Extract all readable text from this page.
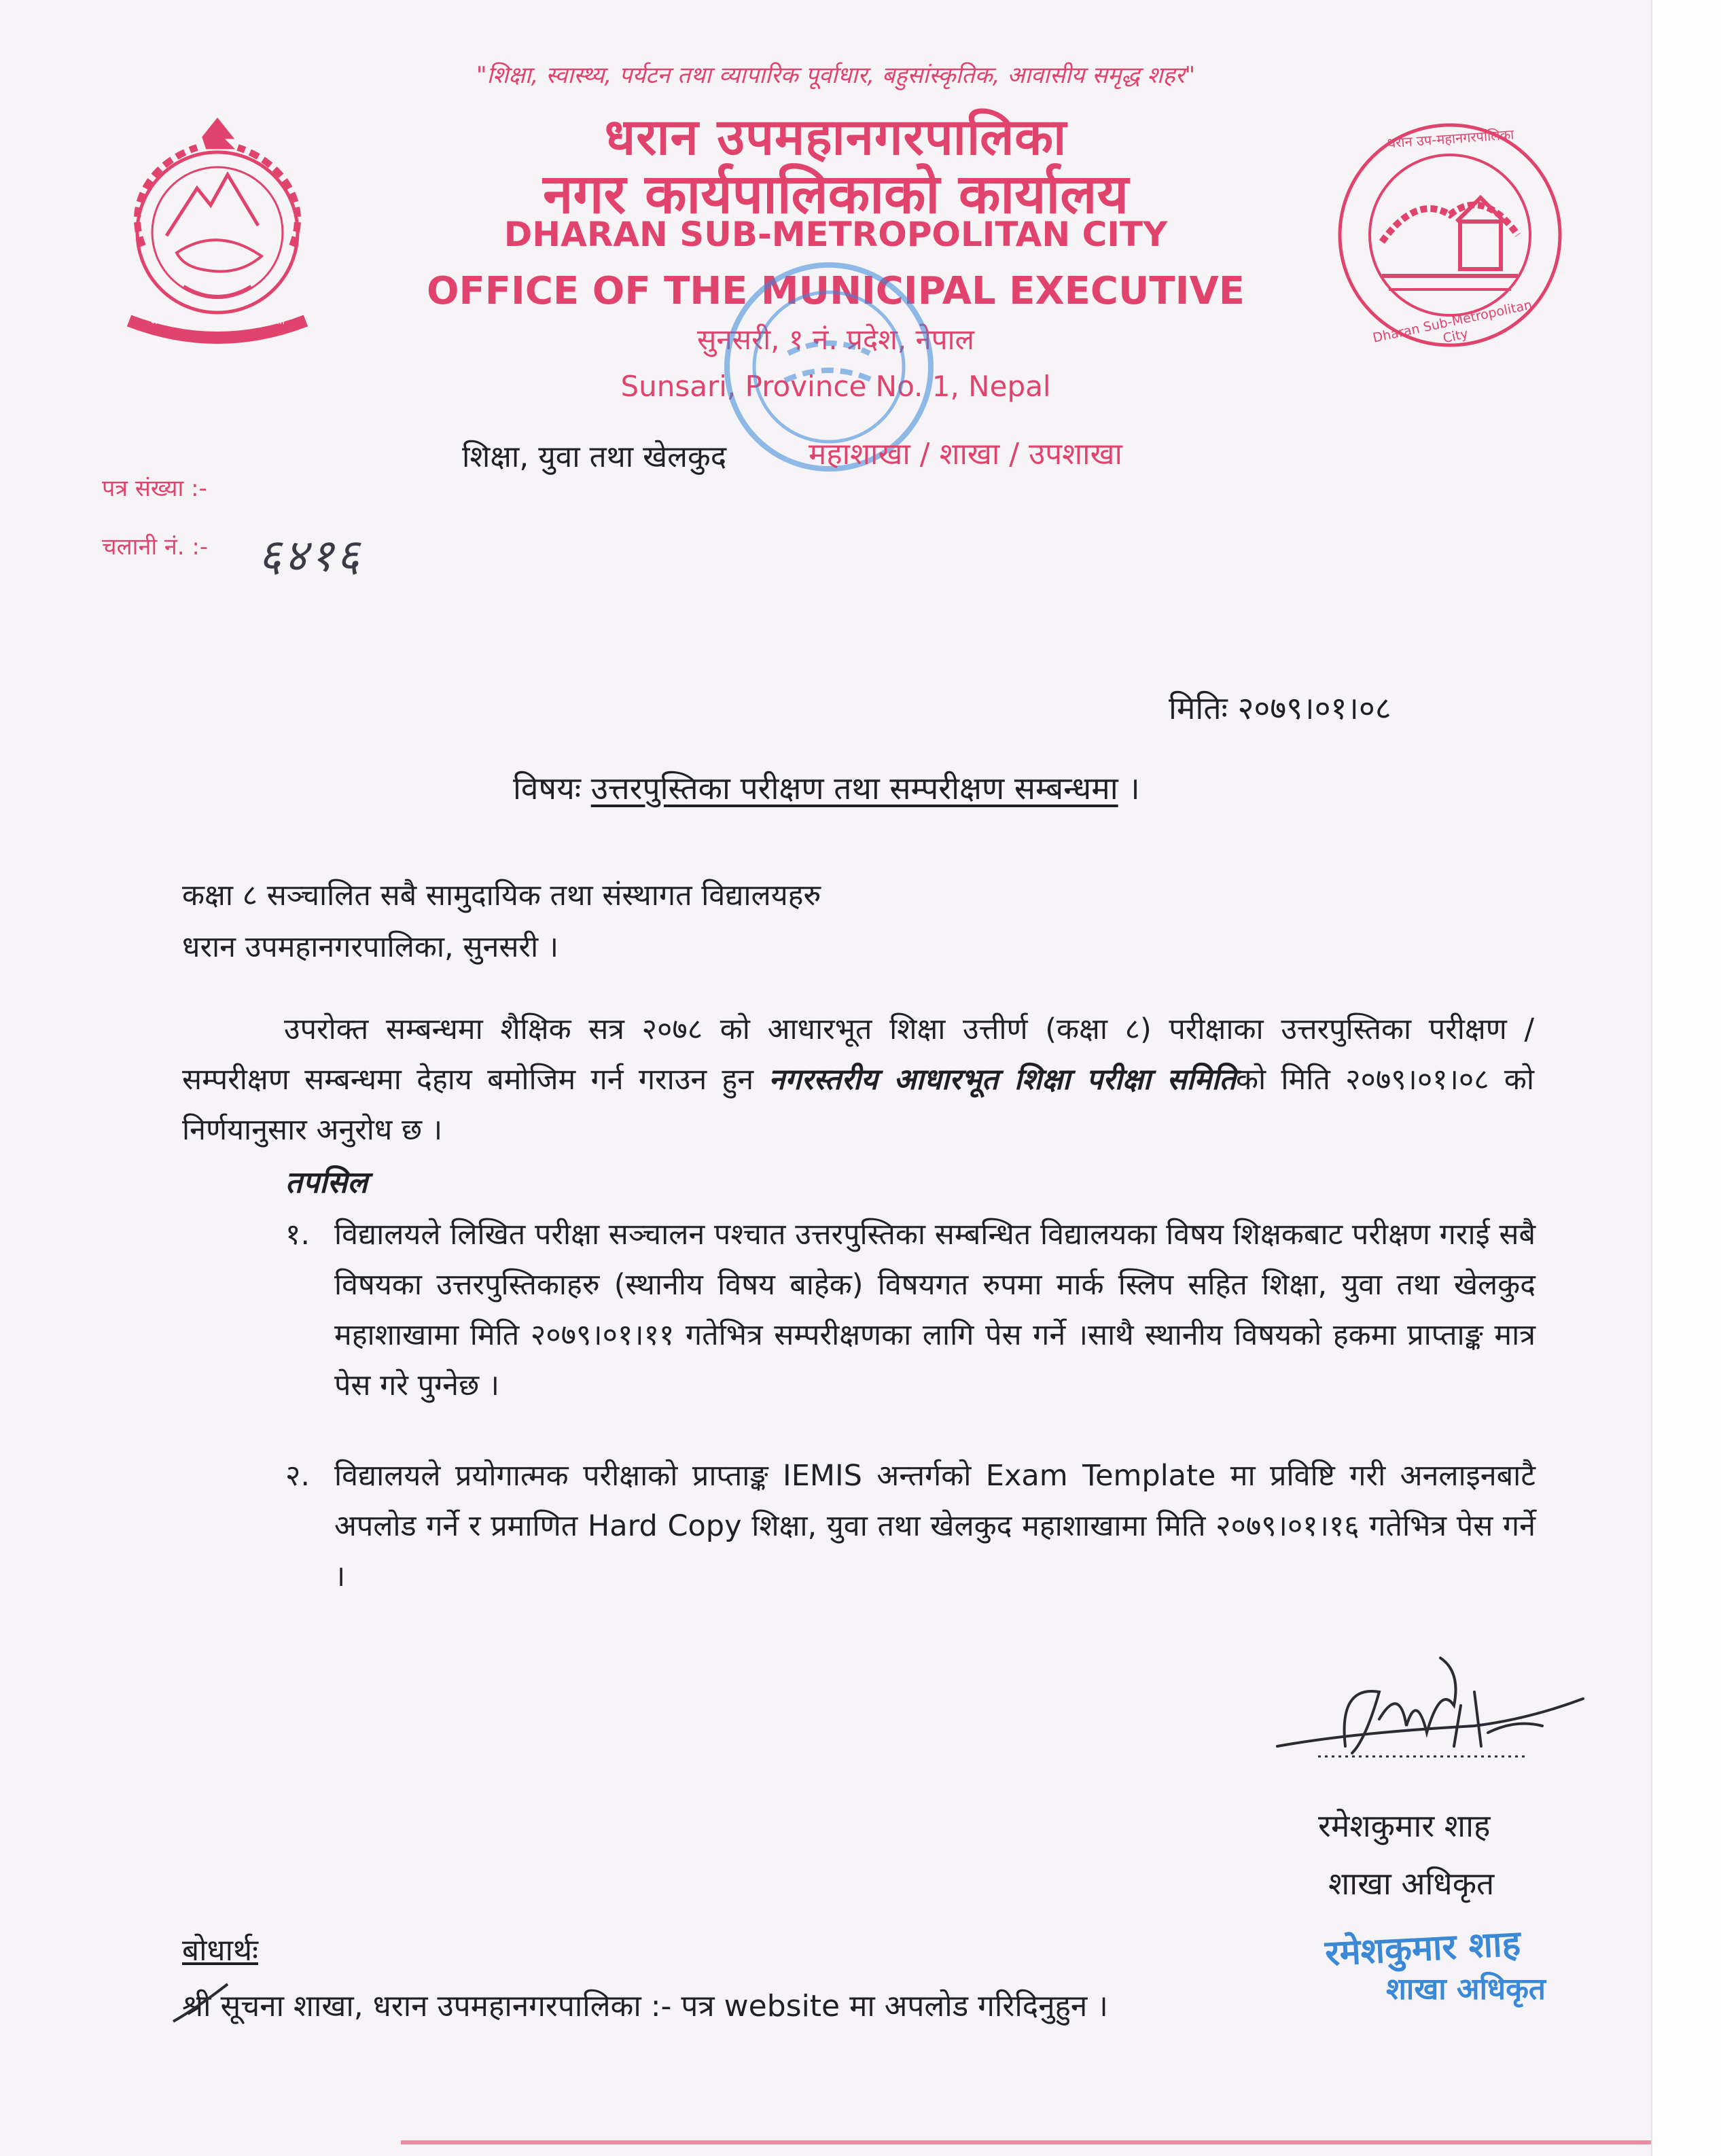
जननी जन्मभूमिश्च स्वर्गादपि गरीयसी
धरान उप-महानगरपालिका
Dharan Sub-Metropolitan City
"शिक्षा, स्वास्थ्य, पर्यटन तथा व्यापारिक पूर्वाधार, बहुसांस्कृतिक, आवासीय समृद्ध शहर"
धरान उपमहानगरपालिका
नगर कार्यपालिकाको कार्यालय
DHARAN SUB-METROPOLITAN CITY
OFFICE OF THE MUNICIPAL EXECUTIVE
सुनसरी, १ नं. प्रदेश, नेपाल
Sunsari, Province No. 1, Nepal
पत्र संख्या :-
चलानी नं. :- ६४१६
शिक्षा, युवा तथा खेलकुद	महाशाखा / शाखा / उपशाखा
मितिः २०७९।०१।०८
विषयः उत्तरपुस्तिका परीक्षण तथा सम्परीक्षण सम्बन्धमा ।
कक्षा ८ सञ्चालित सबै सामुदायिक तथा संस्थागत विद्यालयहरु
धरान उपमहानगरपालिका, सुनसरी ।
उपरोक्त सम्बन्धमा शैक्षिक सत्र २०७८ को आधारभूत शिक्षा उत्तीर्ण (कक्षा ८) परीक्षाका उत्तरपुस्तिका परीक्षण / सम्परीक्षण सम्बन्धमा देहाय बमोजिम गर्न गराउन हुन नगरस्तरीय आधारभूत शिक्षा परीक्षा समितिको मिति २०७९।०१।०८ को निर्णयानुसार अनुरोध छ ।
तपसिल
१. विद्यालयले लिखित परीक्षा सञ्चालन पश्चात उत्तरपुस्तिका सम्बन्धित विद्यालयका विषय शिक्षकबाट परीक्षण गराई सबै विषयका उत्तरपुस्तिकाहरु (स्थानीय विषय बाहेक) विषयगत रुपमा मार्क स्लिप सहित शिक्षा, युवा तथा खेलकुद महाशाखामा मिति २०७९।०१।११ गतेभित्र सम्परीक्षणका लागि पेस गर्ने ।साथै स्थानीय विषयको हकमा प्राप्ताङ्क मात्र पेस गरे पुग्नेछ ।
२. विद्यालयले प्रयोगात्मक परीक्षाको प्राप्ताङ्क IEMIS अन्तर्गको Exam Template मा प्रविष्टि गरी अनलाइनबाटै अपलोड गर्ने र प्रमाणित Hard Copy शिक्षा, युवा तथा खेलकुद महाशाखामा मिति २०७९।०१।१६ गतेभित्र पेस गर्ने ।
रमेशकुमार शाह
शाखा अधिकृत
रमेशकुमार शाह
शाखा अधिकृत
बोधार्थः
श्री सूचना शाखा, धरान उपमहानगरपालिका :- पत्र website मा अपलोड गरिदिनुहुन ।
